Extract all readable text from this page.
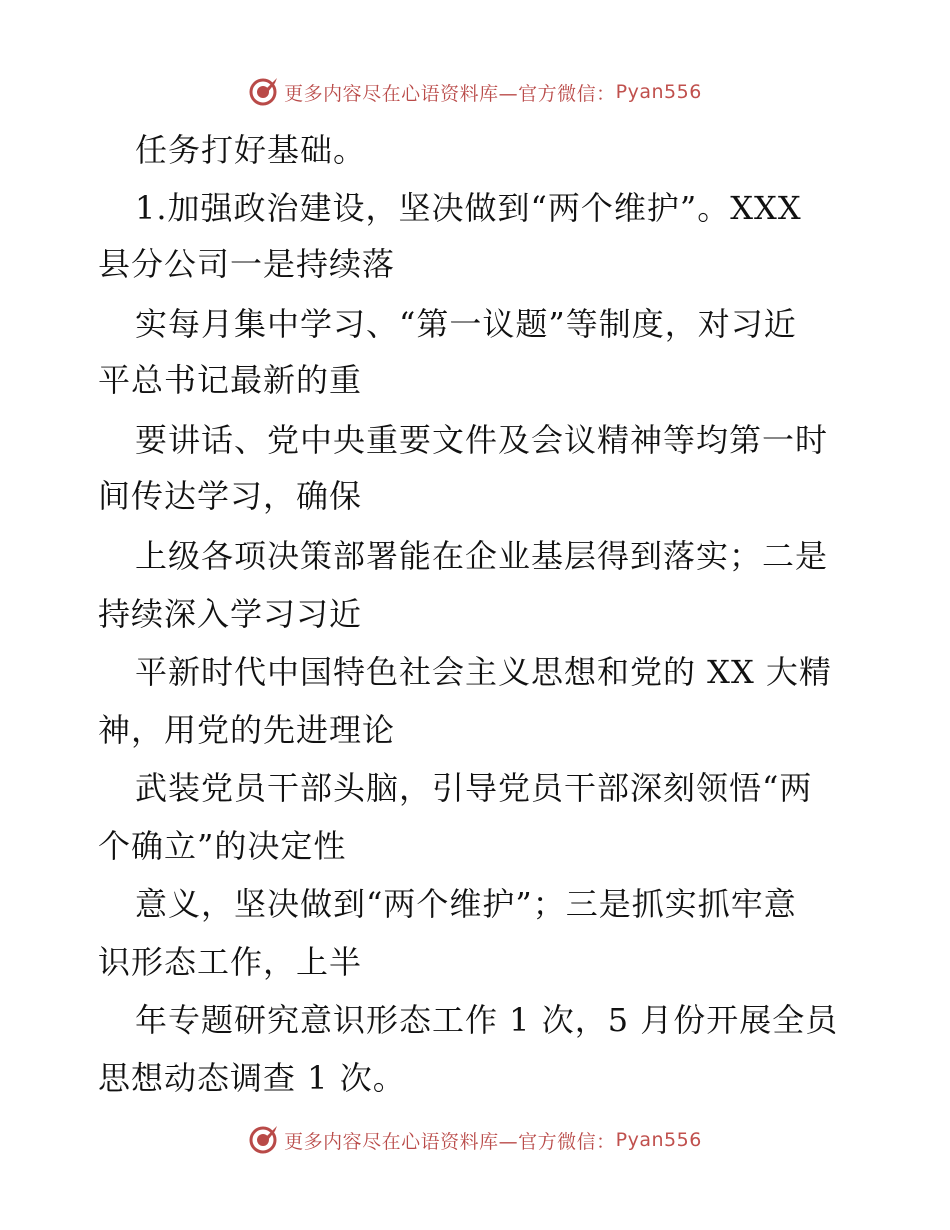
更多内容尽在心语资料库—官方微信： Pyan556
任务打好基础。
1.加强政治建设，坚决做到“两个维护”。XXX
县分公司一是持续落
实每月集中学习、“第一议题”等制度，对习近
平总书记最新的重
要讲话、党中央重要文件及会议精神等均第一时
间传达学习，确保
上级各项决策部署能在企业基层得到落实；二是
持续深入学习习近
平新时代中国特色社会主义思想和党的 XX 大精
神，用党的先进理论
武装党员干部头脑，引导党员干部深刻领悟“两
个确立”的决定性
意义，坚决做到“两个维护”；三是抓实抓牢意
识形态工作，上半
年专题研究意识形态工作 1 次，5 月份开展全员
思想动态调查 1 次。
更多内容尽在心语资料库—官方微信： Pyan556
